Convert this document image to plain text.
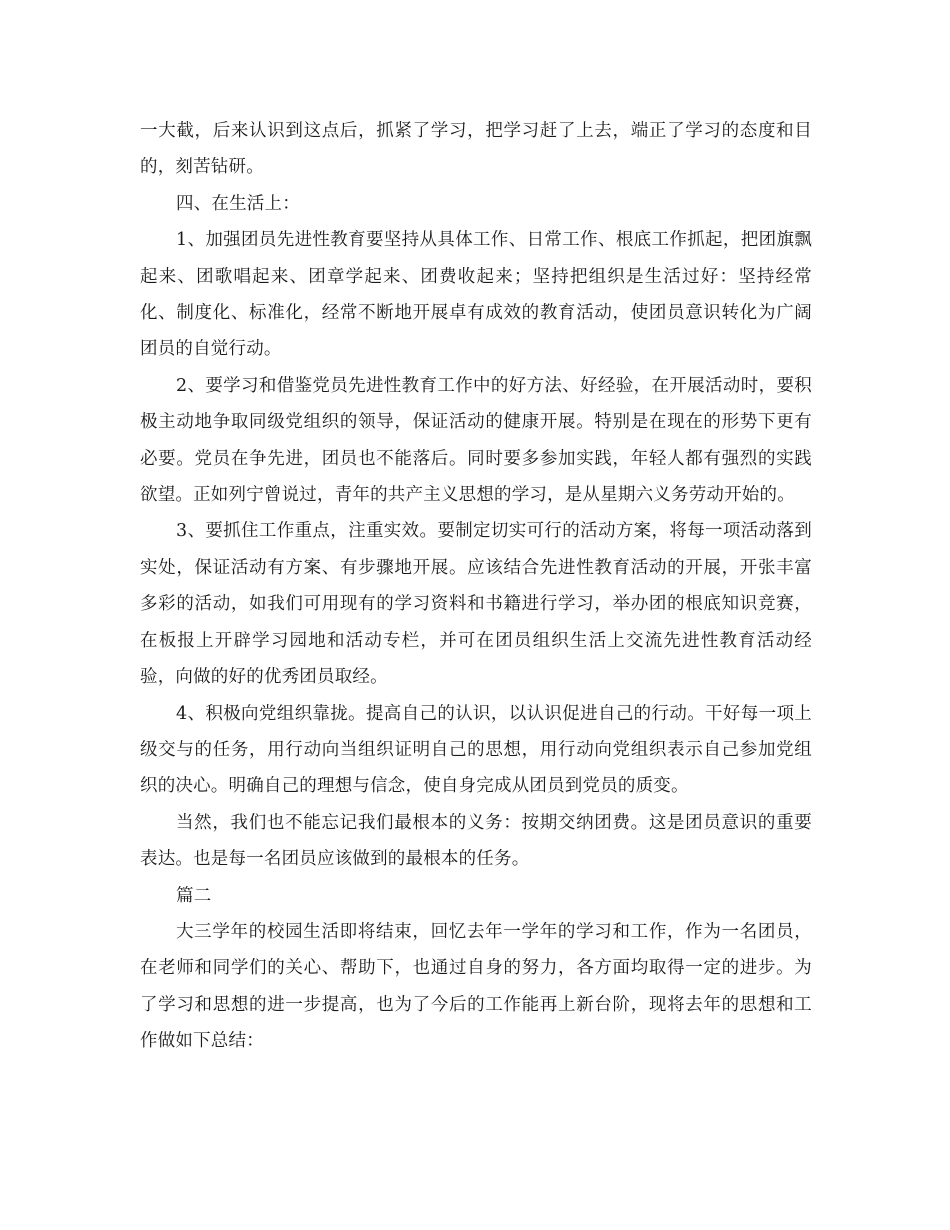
一大截，后来认识到这点后，抓紧了学习，把学习赶了上去，端正了学习的态度和目的，刻苦钻研。

四、在生活上：

1、加强团员先进性教育要坚持从具体工作、日常工作、根底工作抓起，把团旗飘起来、团歌唱起来、团章学起来、团费收起来；坚持把组织是生活过好：坚持经常化、制度化、标准化，经常不断地开展卓有成效的教育活动，使团员意识转化为广阔团员的自觉行动。

2、要学习和借鉴党员先进性教育工作中的好方法、好经验，在开展活动时，要积极主动地争取同级党组织的领导，保证活动的健康开展。特别是在现在的形势下更有必要。党员在争先进，团员也不能落后。同时要多参加实践，年轻人都有强烈的实践欲望。正如列宁曾说过，青年的共产主义思想的学习，是从星期六义务劳动开始的。

3、要抓住工作重点，注重实效。要制定切实可行的活动方案，将每一项活动落到实处，保证活动有方案、有步骤地开展。应该结合先进性教育活动的开展，开张丰富多彩的活动，如我们可用现有的学习资料和书籍进行学习，举办团的根底知识竞赛，在板报上开辟学习园地和活动专栏，并可在团员组织生活上交流先进性教育活动经验，向做的好的优秀团员取经。

4、积极向党组织靠拢。提高自己的认识，以认识促进自己的行动。干好每一项上级交与的任务，用行动向当组织证明自己的思想，用行动向党组织表示自己参加党组织的决心。明确自己的理想与信念，使自身完成从团员到党员的质变。

当然，我们也不能忘记我们最根本的义务：按期交纳团费。这是团员意识的重要表达。也是每一名团员应该做到的最根本的任务。

篇二

大三学年的校园生活即将结束，回忆去年一学年的学习和工作，作为一名团员，在老师和同学们的关心、帮助下，也通过自身的努力，各方面均取得一定的进步。为了学习和思想的进一步提高，也为了今后的工作能再上新台阶，现将去年的思想和工作做如下总结：
